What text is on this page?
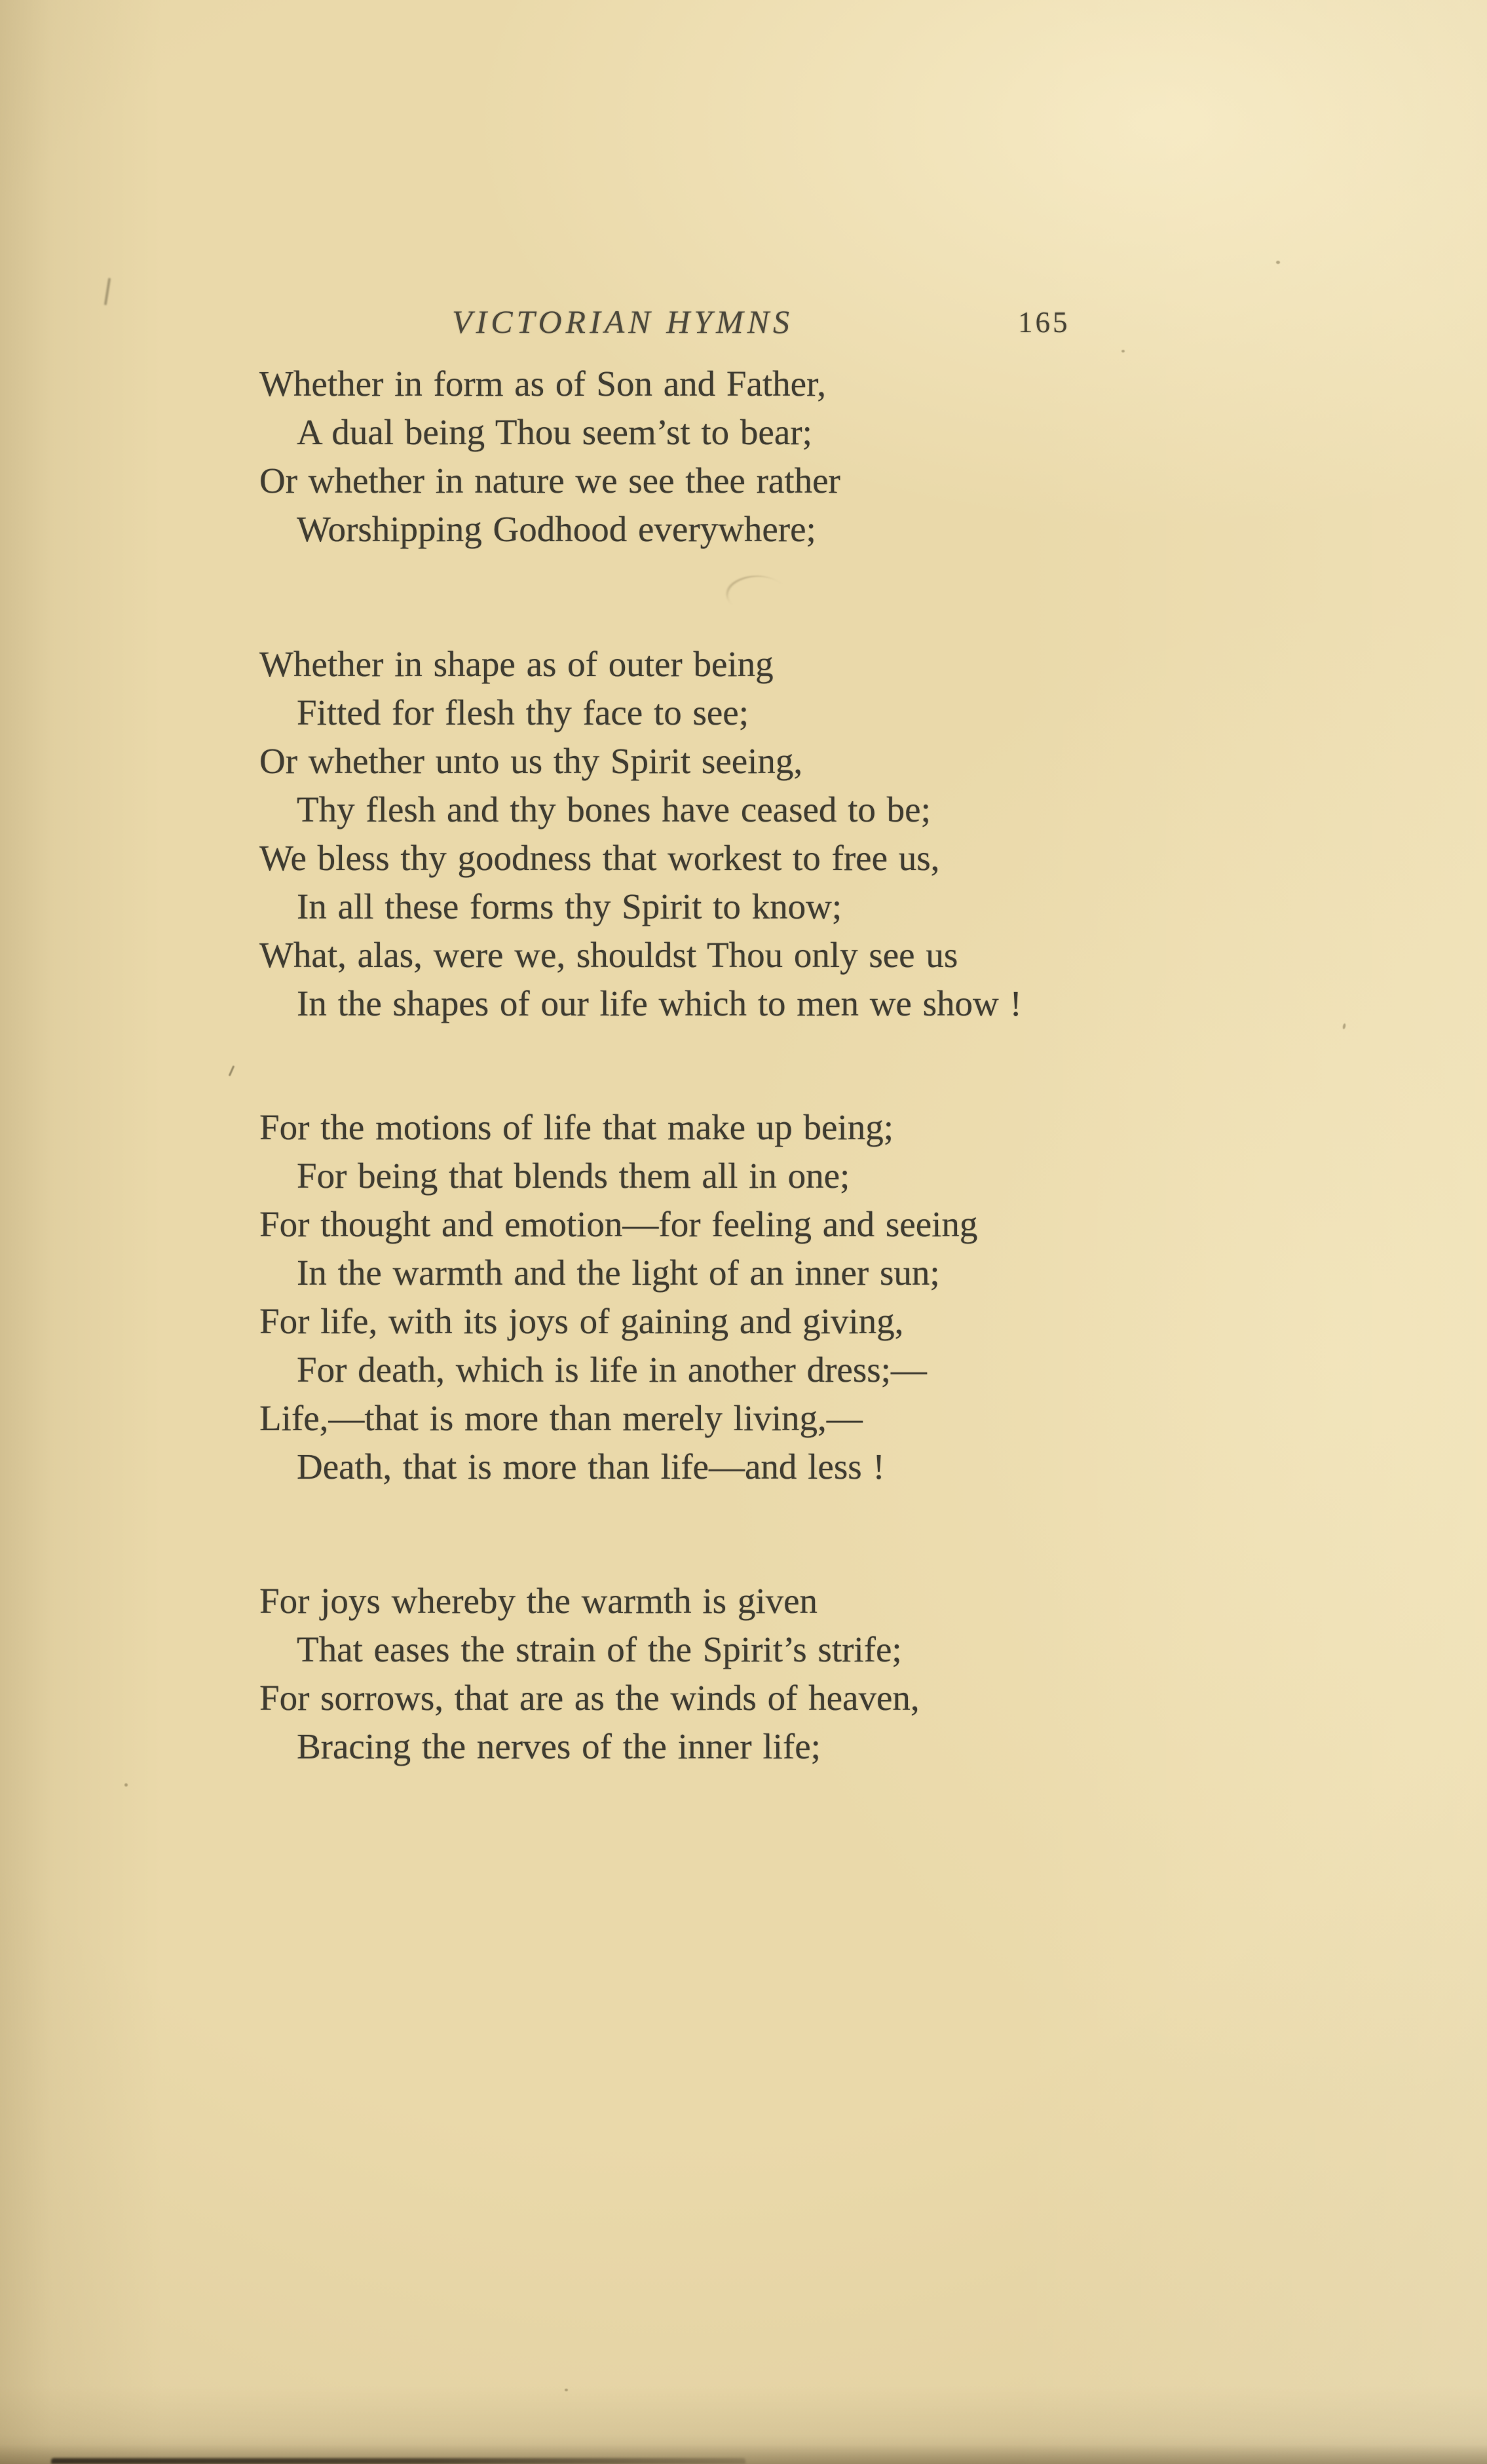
VICTORIAN HYMNS	165
Whether in form as of Son and Father,
A dual being Thou seem’st to bear;
Or whether in nature we see thee rather
Worshipping Godhood everywhere;
Whether in shape as of outer being
Fitted for flesh thy face to see;
Or whether unto us thy Spirit seeing,
Thy flesh and thy bones have ceased to be;
We bless thy goodness that workest to free us,
In all these forms thy Spirit to know;
What, alas, were we, shouldst Thou only see us
In the shapes of our life which to men we show !
For the motions of life that make up being;
For being that blends them all in one;
For thought and emotion—for feeling and seeing
In the warmth and the light of an inner sun;
For life, with its joys of gaining and giving,
For death, which is life in another dress;—
Life,—that is more than merely living,—
Death, that is more than life—and less !
For joys whereby the warmth is given
That eases the strain of the Spirit’s strife;
For sorrows, that are as the winds of heaven,
Bracing the nerves of the inner life;
